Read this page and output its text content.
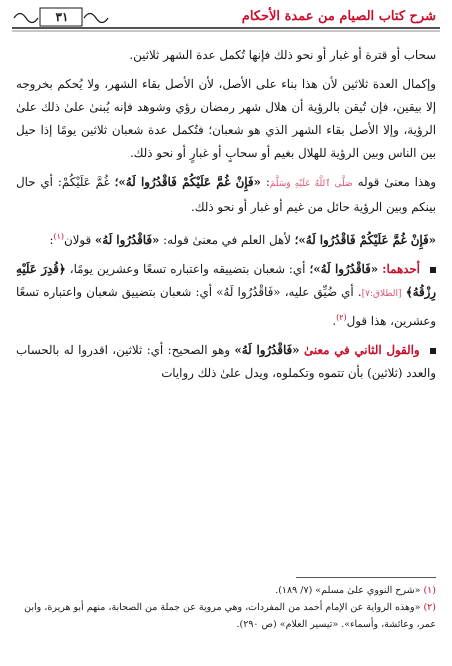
٣١	شرح كتاب الصيام من عمدة الأحكام

سحاب أو قترة أو غبار أو نحو ذلك فإنها تُكمل عدة الشهر ثلاثين.

وإكمال العدة ثلاثين لأن هذا بناء على الأصل، لأن الأصل بقاء الشهر، ولا يُحكم بخروجه إلا بيقين، فإن تُيقن بالرؤية أن هلال شهر رمضان رؤي وشوهد فإنه يُبنىٰ علىٰ ذلك علىٰ الرؤية، وإلا الأصل بقاء الشهر الذي هو شعبان؛ فتُكمل عدة شعبان ثلاثين يومًا إذا حيل بين الناس وبين الرؤية للهلال بغيم أو سحابٍ أو غبارٍ أو نحو ذلك.

وهذا معنىٰ قوله صَلَّى ٱللَّهُ عَلَيْهِ وَسَلَّمَ: «فَإِنْ غُمَّ عَلَيْكُمْ فَاقْدُرُوا لَهُ»؛ غُمَّ عَلَيْكُمْ: أي حال بينكم وبين الرؤية حائل من غيم أو غبار أو نحو ذلك.

«فَإِنْ غُمَّ عَلَيْكُمْ فَاقْدُرُوا لَهُ»؛ لأهل العلم في معنىٰ قوله: «فَاقْدُرُوا لَهُ» قولان$^{(١)}$:

أحدهما: «فَاقْدُرُوا لَهُ»؛ أي: شعبان بتضييقه واعتباره تسعًا وعشرين يومًا، ﴿قُدِرَ عَلَيْهِ رِزْقُهُ﴾ [الطلاق:٧]. أي ضُيِّق عليه، «فَاقْدُرُوا لَهُ» أي: شعبان بتضييق شعبان واعتباره تسعًا وعشرين، هذا قول$^{(٢)}$.

والقول الثاني في معنىٰ «فَاقْدُرُوا لَهُ» وهو الصحيح: أي: ثلاثين، اقدروا له بالحساب والعدد (ثلاثين) بأن تتموه وتكملوه، ويدل علىٰ ذلك روايات

(١) «شرح النووي علىٰ مسلم» (٧/ ١٨٩).

(٢) «وهذه الرواية عن الإمام أحمد من المفردات، وهي مروية عن جملة من الصحابة، منهم أبو هريرة، وابن عمر، وعائشة، وأسماء». «تيسير العلام» (ص ٢٩٠).
